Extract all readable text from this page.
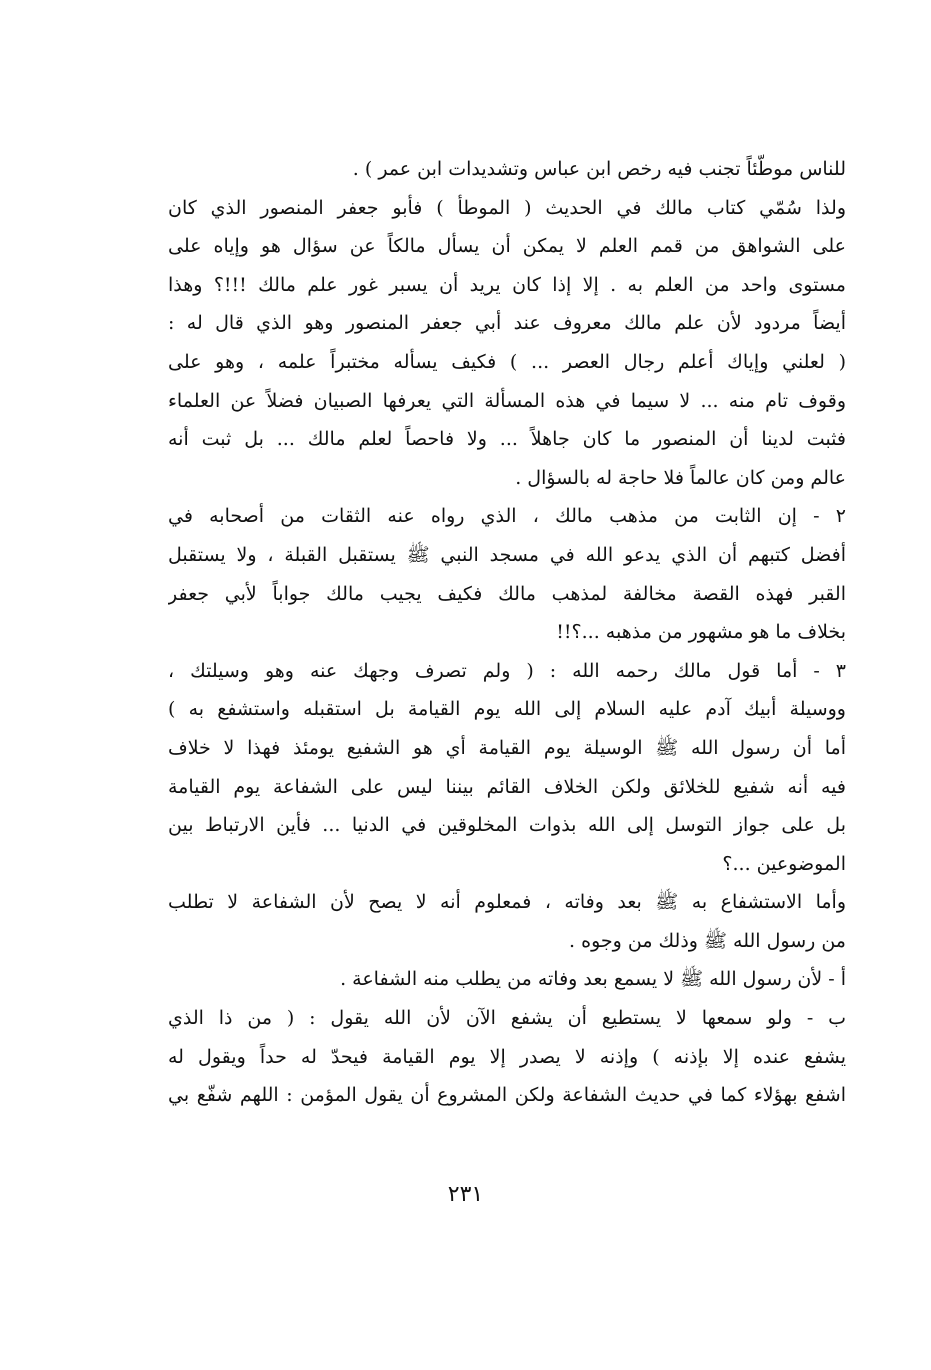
للناس موطّئاً تجنب فيه رخص ابن عباس وتشديدات ابن عمر ) .
ولذا سُمّي كتاب مالك في الحديث ( الموطأ ) فأبو جعفر المنصور الذي كان
على الشواهق من قمم العلم لا يمكن أن يسأل مالكاً عن سؤال هو وإياه على
مستوى واحد من العلم به . إلا إذا كان يريد أن يسبر غور علم مالك !!!؟ وهذا
أيضاً مردود لأن علم مالك معروف عند أبي جعفر المنصور وهو الذي قال له :
( لعلني وإياك أعلم رجال العصر ... ) فكيف يسأله مختبراً علمه ، وهو على
وقوف تام منه ... لا سيما في هذه المسألة التي يعرفها الصبيان فضلاً عن العلماء
فثبت لدينا أن المنصور ما كان جاهلاً ... ولا فاحصاً لعلم مالك ... بل ثبت أنه
عالم ومن كان عالماً فلا حاجة له بالسؤال .
٢ - إن الثابت من مذهب مالك ، الذي رواه عنه الثقات من أصحابه في
أفضل كتبهم أن الذي يدعو الله في مسجد النبي ﷺ يستقبل القبلة ، ولا يستقبل
القبر فهذه القصة مخالفة لمذهب مالك فكيف يجيب مالك جواباً لأبي جعفر
بخلاف ما هو مشهور من مذهبه ...؟!!
٣ - أما قول مالك رحمه الله : ( ولم تصرف وجهك عنه وهو وسيلتك ،
ووسيلة أبيك آدم عليه السلام إلى الله يوم القيامة بل استقبله واستشفع به )
أما أن رسول الله ﷺ الوسيلة يوم القيامة أي هو الشفيع يومئذ فهذا لا خلاف
فيه أنه شفيع للخلائق ولكن الخلاف القائم بيننا ليس على الشفاعة يوم القيامة
بل على جواز التوسل إلى الله بذوات المخلوقين في الدنيا ... فأين الارتباط بين
الموضوعين ...؟
وأما الاستشفاع به ﷺ بعد وفاته ، فمعلوم أنه لا يصح لأن الشفاعة لا تطلب
من رسول الله ﷺ وذلك من وجوه .
أ - لأن رسول الله ﷺ لا يسمع بعد وفاته من يطلب منه الشفاعة .
ب - ولو سمعها لا يستطيع أن يشفع الآن لأن الله يقول : ( من ذا الذي
يشفع عنده إلا بإذنه ) وإذنه لا يصدر إلا يوم القيامة فيحدّ له حداً ويقول له
اشفع بهؤلاء كما في حديث الشفاعة ولكن المشروع أن يقول المؤمن : اللهم شفّع بي
٢٣١
